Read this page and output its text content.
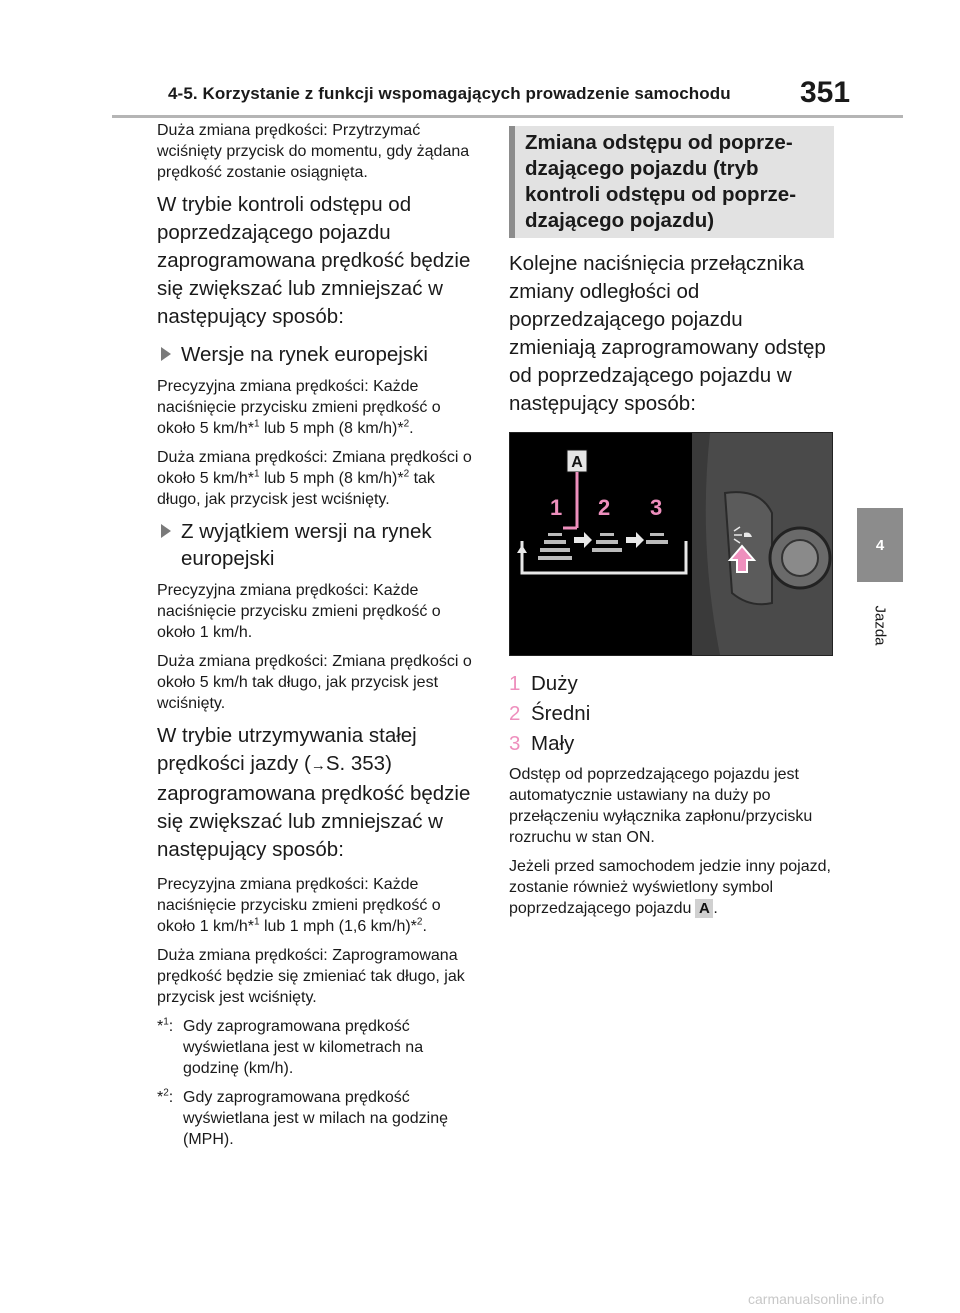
4-5. Korzystanie z funkcji wspomagających prowadzenie samochodu 351
4
Jazda

Duża zmiana prędkości: Przytrzymać wciśnięty przycisk do momentu, gdy żądana prędkość zostanie osiągnięta.

W trybie kontroli odstępu od poprzedzającego pojazdu zaprogramowana prędkość będzie się zwiększać lub zmniejszać w następujący sposób:

Wersje na rynek europejski

Precyzyjna zmiana prędkości: Każde naciśnięcie przycisku zmieni prędkość o około 5 km/h*$^1$ lub 5 mph (8 km/h)*$^2$.

Duża zmiana prędkości: Zmiana prędkości o około 5 km/h*$^1$ lub 5 mph (8 km/h)*$^2$ tak długo, jak przycisk jest wciśnięty.

Z wyjątkiem wersji na rynek europejski

Precyzyjna zmiana prędkości: Każde naciśnięcie przycisku zmieni prędkość o około 1 km/h.

Duża zmiana prędkości: Zmiana prędkości o około 5 km/h tak długo, jak przycisk jest wciśnięty.

W trybie utrzymywania stałej prędkości jazdy (→S. 353) zaprogramowana prędkość będzie się zwiększać lub zmniejszać w następujący sposób:

Precyzyjna zmiana prędkości: Każde naciśnięcie przycisku zmieni prędkość o około 1 km/h*$^1$ lub 1 mph (1,6 km/h)*$^2$.

Duża zmiana prędkości: Zaprogramowana prędkość będzie się zmieniać tak długo, jak przycisk jest wciśnięty.

*$^1$: Gdy zaprogramowana prędkość wyświetlana jest w kilometrach na godzinę (km/h).
*$^2$: Gdy zaprogramowana prędkość wyświetlana jest w milach na godzinę (MPH).
Zmiana odstępu od poprze-
dzającego pojazdu (tryb
kontroli odstępu od poprze-
dzającego pojazdu)

Kolejne naciśnięcia przełącznika zmiany odległości od poprzedzającego pojazdu zmieniają zaprogramowany odstęp od poprzedzającego pojazdu w następujący sposób:

A
1 2 3
1 Duży
2 Średni
3 Mały

Odstęp od poprzedzającego pojazdu jest automatycznie ustawiany na duży po przełączeniu wyłącznika zapłonu/przycisku rozruchu w stan ON.

Jeżeli przed samochodem jedzie inny pojazd, zostanie również wyświetlony symbol poprzedzającego pojazdu A .

carmanualsonline.info
